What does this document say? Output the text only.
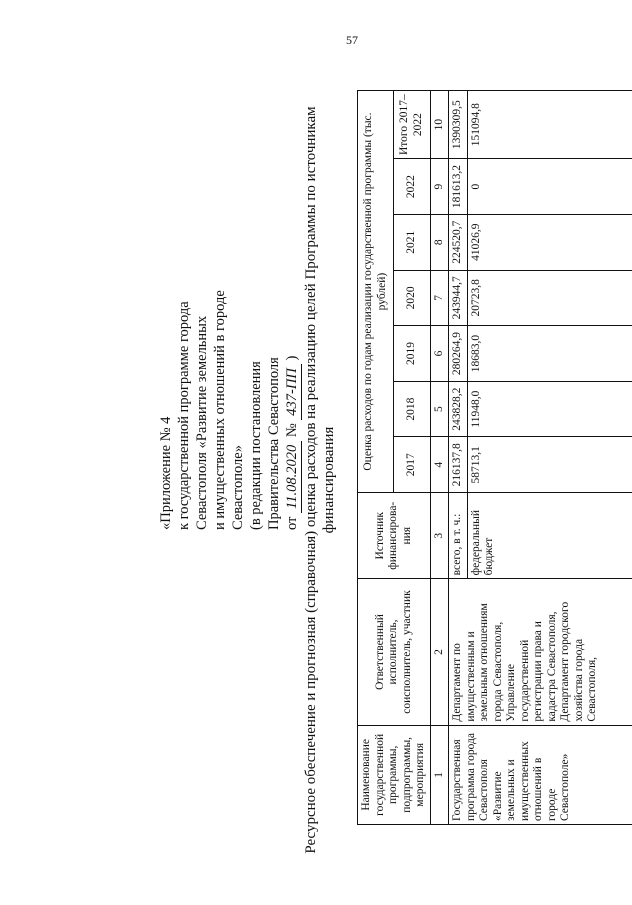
57
«Приложение № 4 к государственной программе города Севастополя «Развитие земельных и имущественных отношений в городе Севастополе» (в редакции постановления Правительства Севастополя от 11.08.2020 № 437-ПП ) Ресурсное обеспечение и прогнозная (справочная) оценка расходов на реализацию целей Программы по источникам финансирования
Наименование государственной программы, подпрограммы, мероприятия	Ответственный исполнитель, соисполнитель, участник	Источник финансирова-ния	Оценка расходов по годам реализации государственной программы (тыс. рублей)						
			2017	2018	2019	2020	2021	2022	Итого 2017–2022
1	2	3	4	5	6	7	8	9	10
Государственная программа города Севастополя «Развитие земельных и имущественных отношений в городе Севастополе»	Департамент по имущественным и земельным отношениям города Севастополя, Управление государственной регистрации права и кадастра Севастополя, Департамент городского хозяйства города Севастополя,	всего, в т. ч.:	216137,8	243828,2	280264,9	243944,7	224520,7	181613,2	1390309,5
		федеральный бюджет	58713,1	11948,0	18683,0	20723,8	41026,9	0	151094,8
